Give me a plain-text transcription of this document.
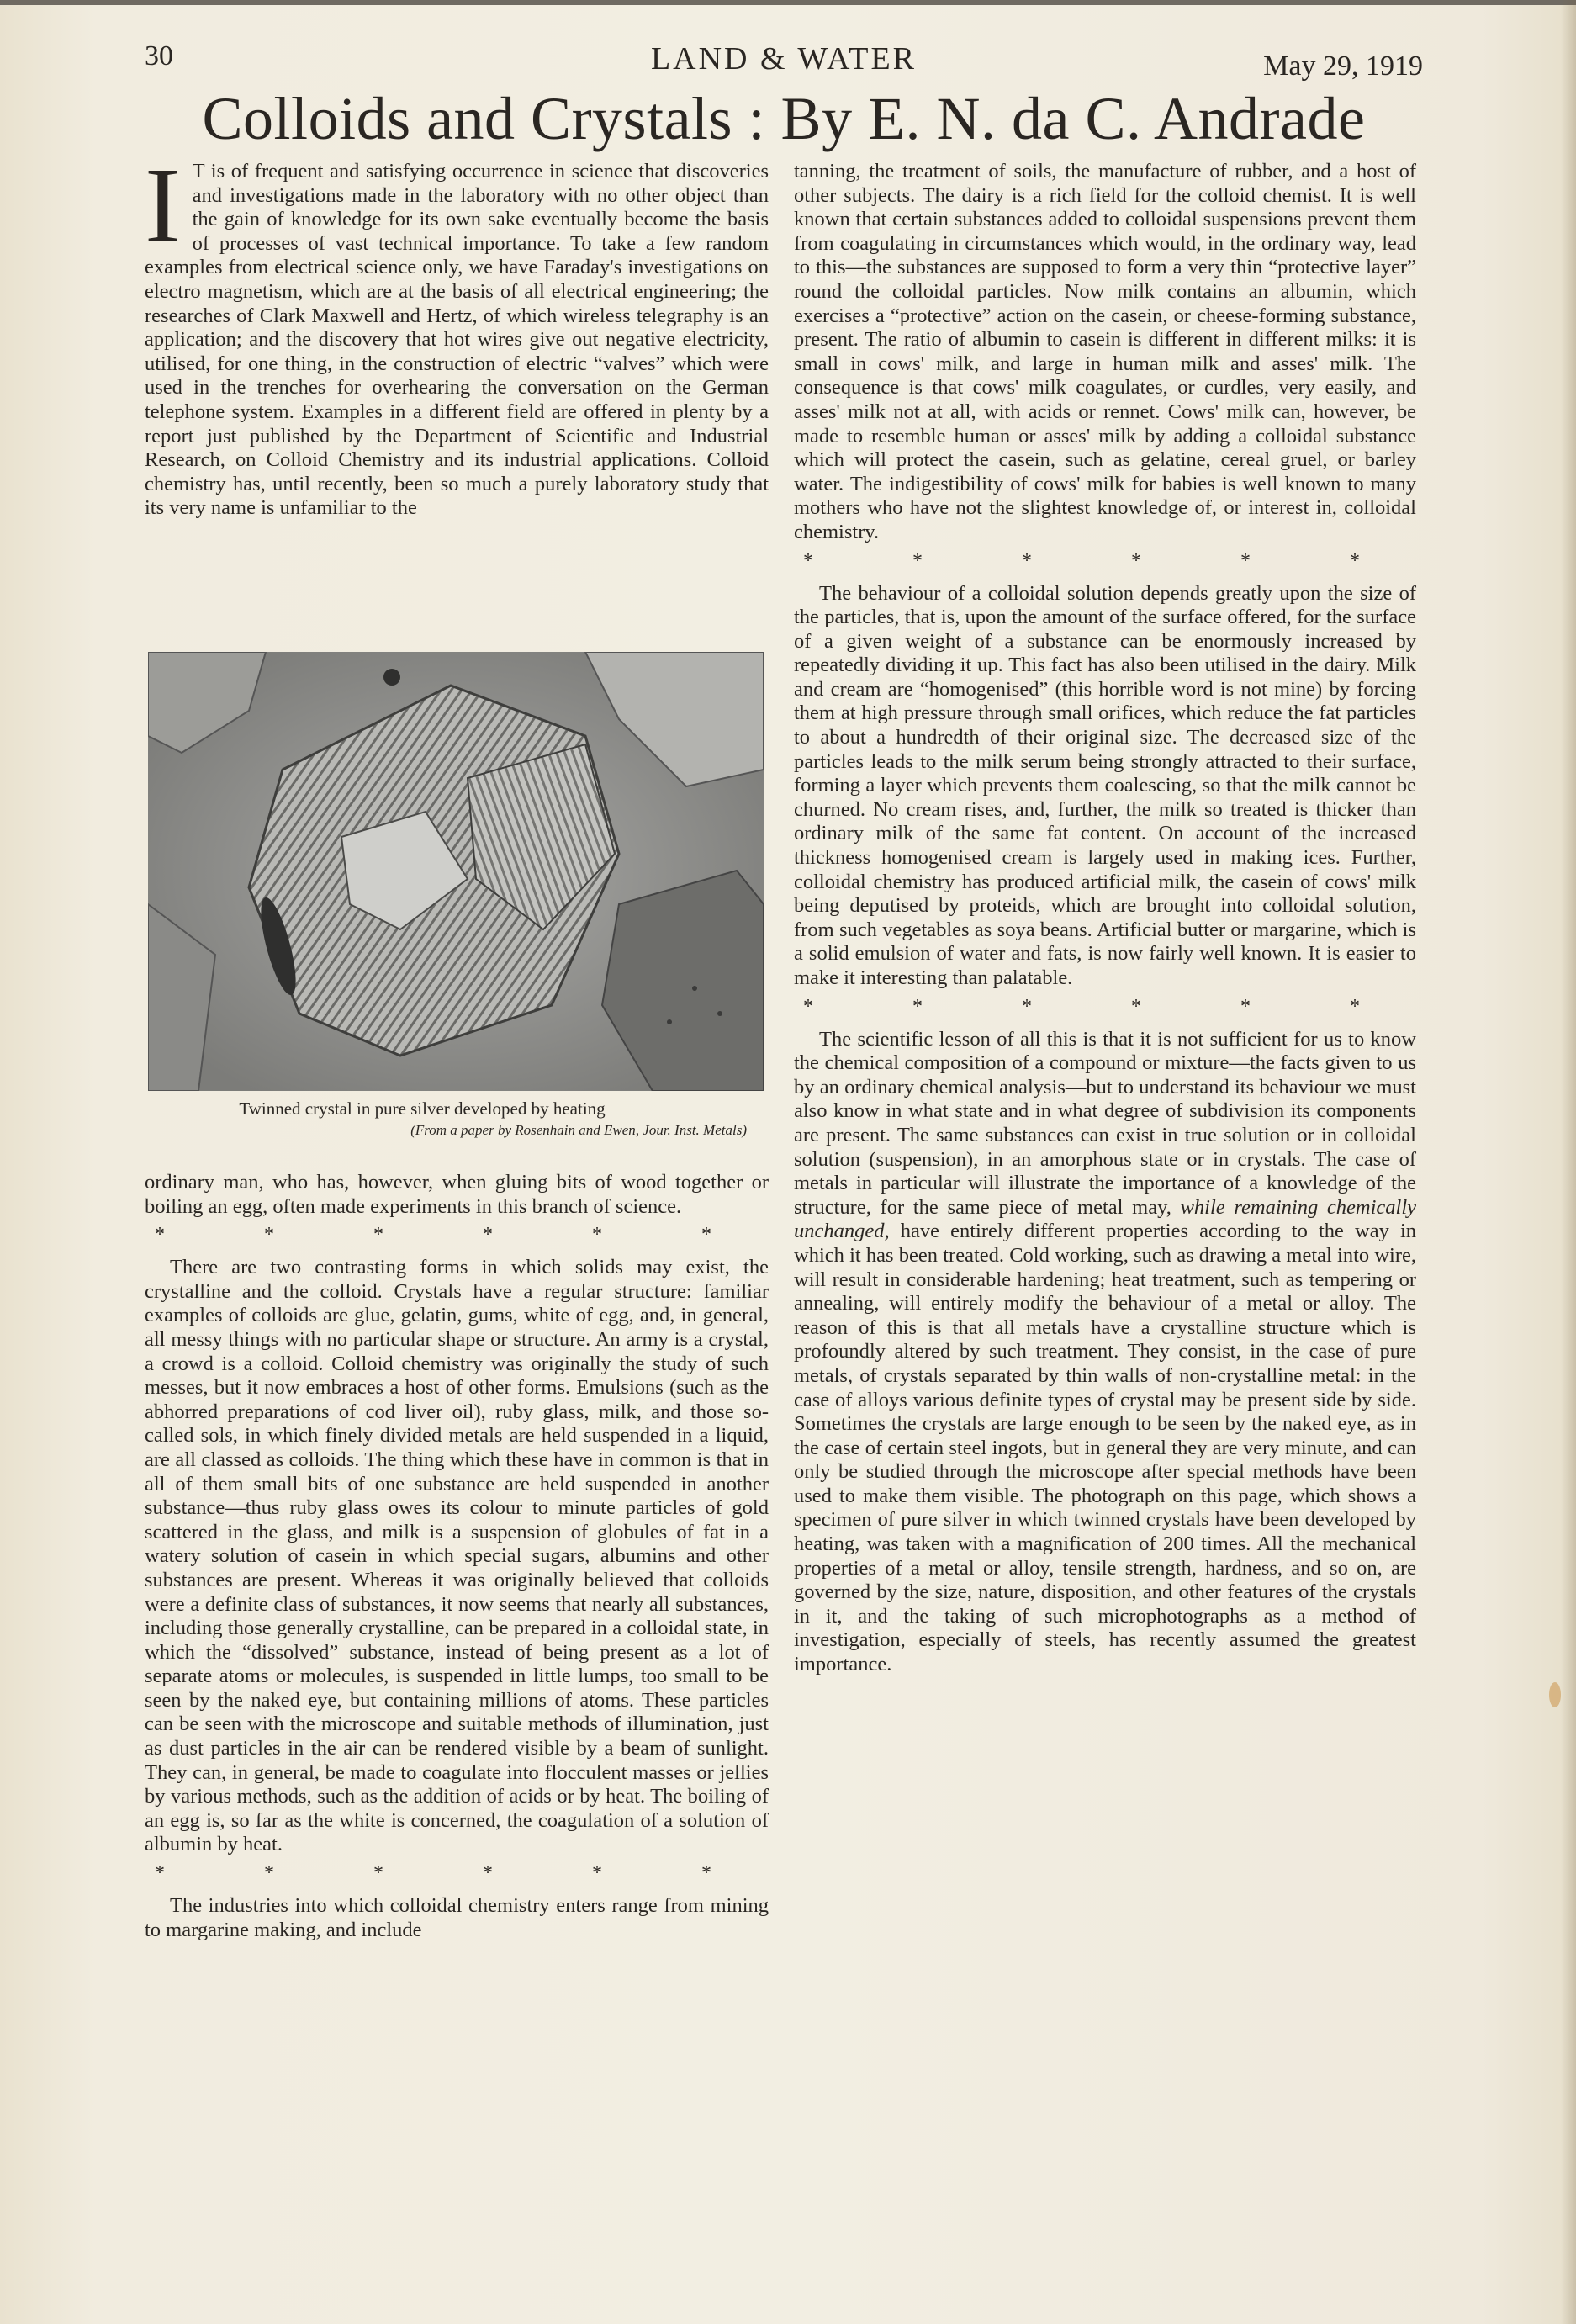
30	LAND & WATER	May 29, 1919
Colloids and Crystals : By E. N. da C. Andrade

I T is of frequent and satisfying occurrence in science that discoveries and investigations made in the laboratory with no other object than the gain of knowledge for its own sake eventually become the basis of processes of vast technical importance. To take a few random examples from electrical science only, we have Faraday's investigations on electro magnetism, which are at the basis of all electrical engineering; the researches of Clark Maxwell and Hertz, of which wireless telegraphy is an application; and the discovery that hot wires give out negative electricity, utilised, for one thing, in the construction of electric “valves” which were used in the trenches for overhearing the conversation on the German telephone system. Examples in a different field are offered in plenty by a report just published by the Department of Scientific and Industrial Research, on Colloid Chemistry and its industrial applications. Colloid chemistry has, until recently, been so much a purely laboratory study that its very name is unfamiliar to the

Twinned crystal in pure silver developed by heating
(From a paper by Rosenhain and Ewen, Jour. Inst. Metals)

ordinary man, who has, however, when gluing bits of wood together or boiling an egg, often made experiments in this branch of science.

* * * * * *

There are two contrasting forms in which solids may exist, the crystalline and the colloid. Crystals have a regular structure: familiar examples of colloids are glue, gelatin, gums, white of egg, and, in general, all messy things with no particular shape or structure. An army is a crystal, a crowd is a colloid. Colloid chemistry was originally the study of such messes, but it now embraces a host of other forms. Emulsions (such as the abhorred preparations of cod liver oil), ruby glass, milk, and those so-called sols, in which finely divided metals are held suspended in a liquid, are all classed as colloids. The thing which these have in common is that in all of them small bits of one substance are held suspended in another substance—thus ruby glass owes its colour to minute particles of gold scattered in the glass, and milk is a suspension of globules of fat in a watery solution of casein in which special sugars, albumins and other substances are present. Whereas it was originally believed that colloids were a definite class of substances, it now seems that nearly all substances, including those generally crystalline, can be prepared in a colloidal state, in which the “dissolved” substance, instead of being present as a lot of separate atoms or molecules, is suspended in little lumps, too small to be seen by the naked eye, but containing millions of atoms. These particles can be seen with the microscope and suitable methods of illumination, just as dust particles in the air can be rendered visible by a beam of sunlight. They can, in general, be made to coagulate into flocculent masses or jellies by various methods, such as the addition of acids or by heat. The boiling of an egg is, so far as the white is concerned, the coagulation of a solution of albumin by heat.

* * * * * *

The industries into which colloidal chemistry enters range from mining to margarine making, and include

tanning, the treatment of soils, the manufacture of rubber, and a host of other subjects. The dairy is a rich field for the colloid chemist. It is well known that certain substances added to colloidal suspensions prevent them from coagulating in circumstances which would, in the ordinary way, lead to this—the substances are supposed to form a very thin “protective layer” round the colloidal particles. Now milk contains an albumin, which exercises a “protective” action on the casein, or cheese-forming substance, present. The ratio of albumin to casein is different in different milks: it is small in cows' milk, and large in human milk and asses' milk. The consequence is that cows' milk coagulates, or curdles, very easily, and asses' milk not at all, with acids or rennet. Cows' milk can, however, be made to resemble human or asses' milk by adding a colloidal substance which will protect the casein, such as gelatine, cereal gruel, or barley water. The indigestibility of cows' milk for babies is well known to many mothers who have not the slightest knowledge of, or interest in, colloidal chemistry.

* * * * * *

The behaviour of a colloidal solution depends greatly upon the size of the particles, that is, upon the amount of the surface offered, for the surface of a given weight of a substance can be enormously increased by repeatedly dividing it up. This fact has also been utilised in the dairy. Milk and cream are “homogenised” (this horrible word is not mine) by forcing them at high pressure through small orifices, which reduce the fat particles to about a hundredth of their original size. The decreased size of the particles leads to the milk serum being strongly attracted to their surface, forming a layer which prevents them coalescing, so that the milk cannot be churned. No cream rises, and, further, the milk so treated is thicker than ordinary milk of the same fat content. On account of the increased thickness homogenised cream is largely used in making ices. Further, colloidal chemistry has produced artificial milk, the casein of cows' milk being deputised by proteids, which are brought into colloidal solution, from such vegetables as soya beans. Artificial butter or margarine, which is a solid emulsion of water and fats, is now fairly well known. It is easier to make it interesting than palatable.

* * * * * *

The scientific lesson of all this is that it is not sufficient for us to know the chemical composition of a compound or mixture—the facts given to us by an ordinary chemical analysis—but to understand its behaviour we must also know in what state and in what degree of subdivision its components are present. The same substances can exist in true solution or in colloidal solution (suspension), in an amorphous state or in crystals. The case of metals in particular will illustrate the importance of a knowledge of the structure, for the same piece of metal may, while remaining chemically unchanged, have entirely different properties according to the way in which it has been treated. Cold working, such as drawing a metal into wire, will result in considerable hardening; heat treatment, such as tempering or annealing, will entirely modify the behaviour of a metal or alloy. The reason of this is that all metals have a crystalline structure which is profoundly altered by such treatment. They consist, in the case of pure metals, of crystals separated by thin walls of non-crystalline metal: in the case of alloys various definite types of crystal may be present side by side. Sometimes the crystals are large enough to be seen by the naked eye, as in the case of certain steel ingots, but in general they are very minute, and can only be studied through the microscope after special methods have been used to make them visible. The photograph on this page, which shows a specimen of pure silver in which twinned crystals have been developed by heating, was taken with a magnification of 200 times. All the mechanical properties of a metal or alloy, tensile strength, hardness, and so on, are governed by the size, nature, disposition, and other features of the crystals in it, and the taking of such microphotographs as a method of investigation, especially of steels, has recently assumed the greatest importance.
